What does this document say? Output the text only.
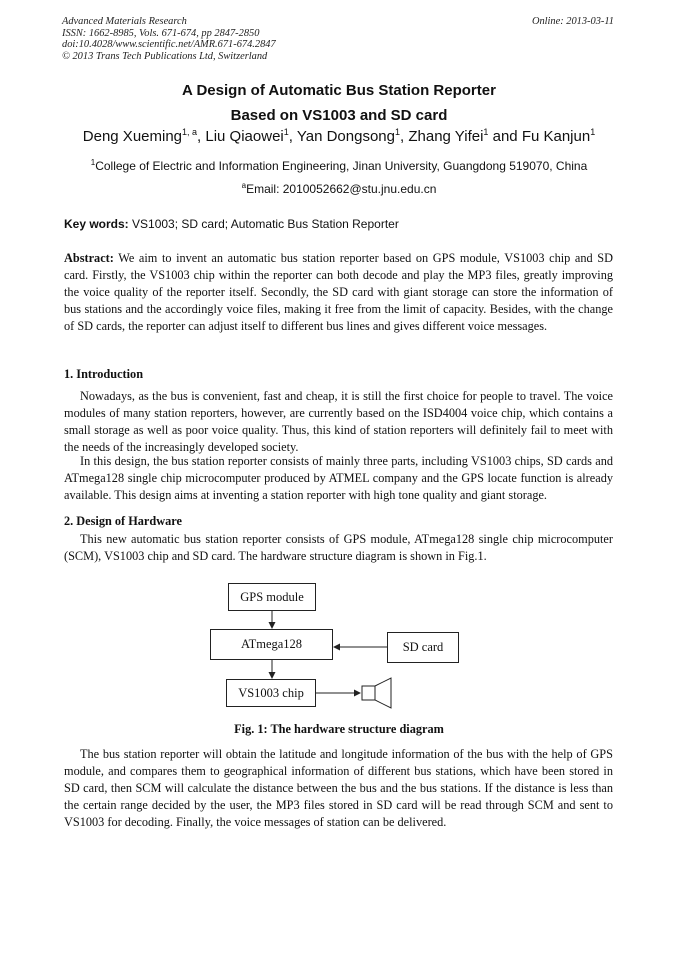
Advanced Materials Research
ISSN: 1662-8985, Vols. 671-674, pp 2847-2850
doi:10.4028/www.scientific.net/AMR.671-674.2847
© 2013 Trans Tech Publications Ltd, Switzerland
Online: 2013-03-11
A Design of Automatic Bus Station Reporter
Based on VS1003 and SD card
Deng Xueming$^{1, a}$, Liu Qiaowei$^1$, Yan Dongsong$^1$, Zhang Yifei$^1$ and Fu Kanjun$^1$
$^1$College of Electric and Information Engineering, Jinan University, Guangdong 519070, China
$^a$Email: 2010052662@stu.jnu.edu.cn
Key words: VS1003; SD card; Automatic Bus Station Reporter
Abstract: We aim to invent an automatic bus station reporter based on GPS module, VS1003 chip and SD card. Firstly, the VS1003 chip within the reporter can both decode and play the MP3 files, greatly improving the voice quality of the reporter itself. Secondly, the SD card with giant storage can store the information of bus stations and the accordingly voice files, making it free from the limit of capacity. Besides, with the change of SD cards, the reporter can adjust itself to different bus lines and gives different voice messages.
1. Introduction
Nowadays, as the bus is convenient, fast and cheap, it is still the first choice for people to travel. The voice modules of many station reporters, however, are currently based on the ISD4004 voice chip, which contains a small storage as well as poor voice quality. Thus, this kind of station reporters will definitely fail to meet with the needs of the increasingly developed society.
In this design, the bus station reporter consists of mainly three parts, including VS1003 chips, SD cards and ATmega128 single chip microcomputer produced by ATMEL company and the GPS locate function is already available. This design aims at inventing a station reporter with high tone quality and giant storage.
2. Design of Hardware
This new automatic bus station reporter consists of GPS module, ATmega128 single chip microcomputer (SCM), VS1003 chip and SD card. The hardware structure diagram is shown in Fig.1.
GPS module
ATmega128	SD card
VS1003 chip
Fig. 1: The hardware structure diagram
The bus station reporter will obtain the latitude and longitude information of the bus with the help of GPS module, and compares them to geographical information of different bus stations, which have been stored in SD card, then SCM will calculate the distance between the bus and the bus stations. If the distance is less than the certain range decided by the user, the MP3 files stored in SD card will be read through SCM and sent to VS1003 for decoding. Finally, the voice messages of station can be delivered.
